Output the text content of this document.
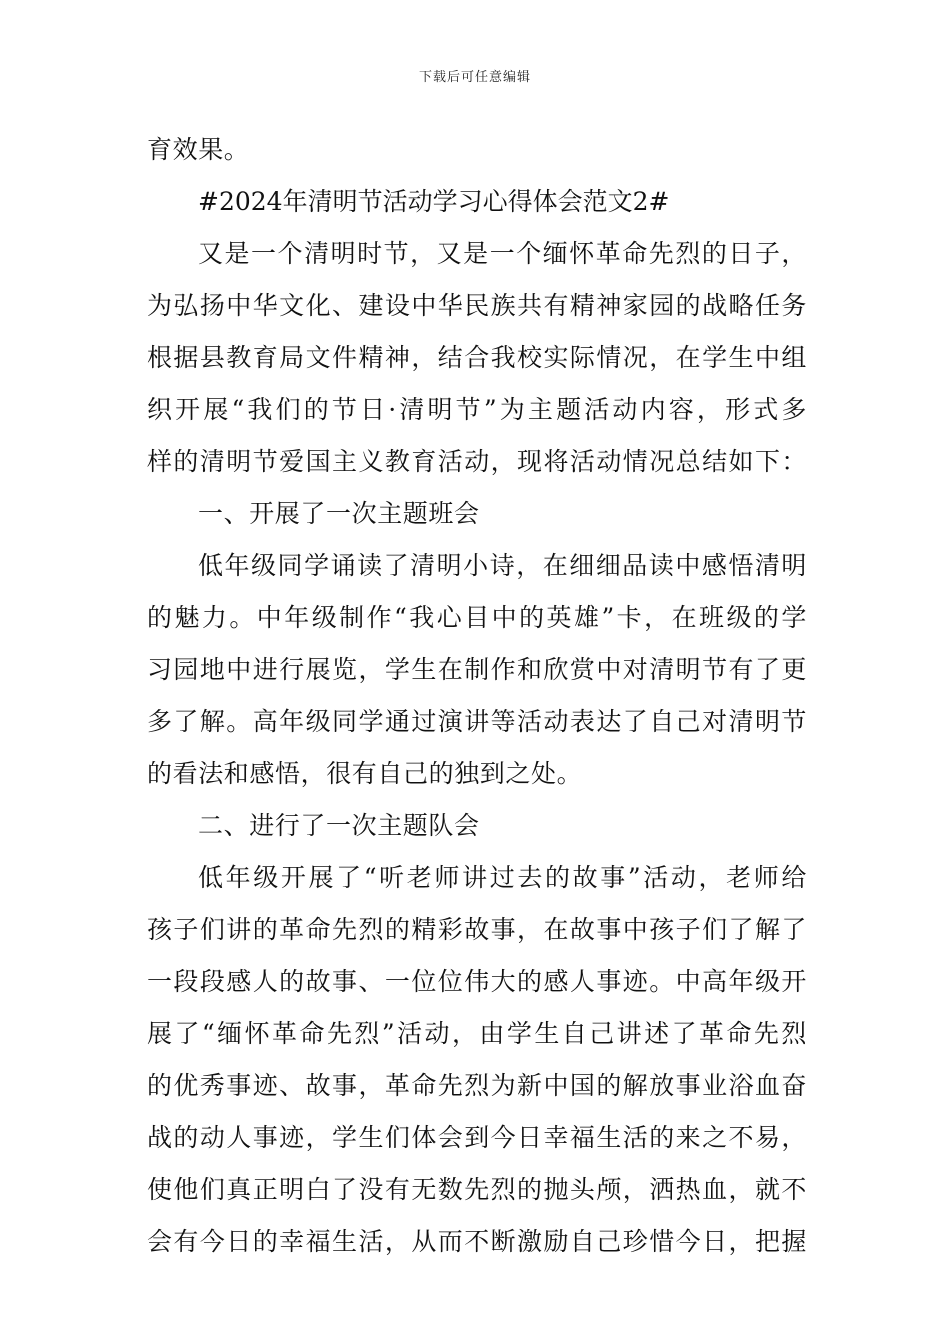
下载后可任意编辑
育效果。
#2024年清明节活动学习心得体会范文2#
又是一个清明时节，又是一个缅怀革命先烈的日子，
为弘扬中华文化、建设中华民族共有精神家园的战略任务
根据县教育局文件精神，结合我校实际情况，在学生中组
织开展“我们的节日·清明节”为主题活动内容，形式多
样的清明节爱国主义教育活动，现将活动情况总结如下：
一、开展了一次主题班会
低年级同学诵读了清明小诗，在细细品读中感悟清明
的魅力。中年级制作“我心目中的英雄”卡，在班级的学
习园地中进行展览，学生在制作和欣赏中对清明节有了更
多了解。高年级同学通过演讲等活动表达了自己对清明节
的看法和感悟，很有自己的独到之处。
二、进行了一次主题队会
低年级开展了“听老师讲过去的故事”活动，老师给
孩子们讲的革命先烈的精彩故事，在故事中孩子们了解了
一段段感人的故事、一位位伟大的感人事迹。中高年级开
展了“缅怀革命先烈”活动，由学生自己讲述了革命先烈
的优秀事迹、故事，革命先烈为新中国的解放事业浴血奋
战的动人事迹，学生们体会到今日幸福生活的来之不易，
使他们真正明白了没有无数先烈的抛头颅，洒热血，就不
会有今日的幸福生活，从而不断激励自己珍惜今日，把握
